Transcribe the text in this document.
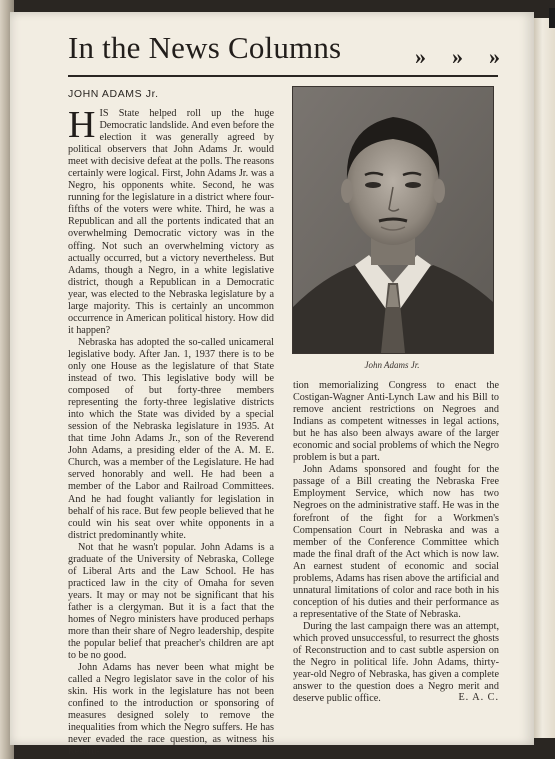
In the News Columns	» » »
JOHN ADAMS Jr.

HIS State helped roll up the huge Democratic landslide. And even before the election it was generally agreed by political observers that John Adams Jr. would meet with decisive defeat at the polls. The reasons certainly were logical. First, John Adams Jr. was a Negro, his opponents white. Second, he was running for the legislature in a district where four-fifths of the voters were white. Third, he was a Republican and all the portents indicated that an overwhelming Democratic victory was in the offing. Not such an overwhelming victory as actually occurred, but a victory nevertheless. But Adams, though a Negro, in a white legislative district, though a Republican in a Democratic year, was elected to the Nebraska legislature by a large majority. This is certainly an uncommon occurrence in American political history. How did it happen?

Nebraska has adopted the so-called unicameral legislative body. After Jan. 1, 1937 there is to be only one House as the legislature of that State instead of two. This legislative body will be composed of but forty-three members representing the forty-three legislative districts into which the State was divided by a special session of the Nebraska legislature in 1935. At that time John Adams Jr., son of the Reverend John Adams, a presiding elder of the A. M. E. Church, was a member of the Legislature. He had served honorably and well. He had been a member of the Labor and Railroad Committees. And he had fought valiantly for legislation in behalf of his race. But few people believed that he could win his seat over white opponents in a district predominantly white.

Not that he wasn't popular. John Adams is a graduate of the University of Nebraska, College of Liberal Arts and the Law School. He has practiced law in the city of Omaha for seven years. It may or may not be significant that his father is a clergyman. But it is a fact that the homes of Negro ministers have produced perhaps more than their share of Negro leadership, despite the popular belief that preacher's children are apt to be no good.

John Adams has never been what might be called a Negro legislator save in the color of his skin. His work in the legislature has not been confined to the introduction or sponsoring of measures designed solely to remove the inequalities from which the Negro suffers. He has never evaded the race question, as witness his Resolu-

John Adams Jr.

tion memorializing Congress to enact the Costigan-Wagner Anti-Lynch Law and his Bill to remove ancient restrictions on Negroes and Indians as competent witnesses in legal actions, but he has also been always aware of the larger economic and social problems of which the Negro problem is but a part.

John Adams sponsored and fought for the passage of a Bill creating the Nebraska Free Employment Service, which now has two Negroes on the administrative staff. He was in the forefront of the fight for a Workmen's Compensation Court in Nebraska and was a member of the Conference Committee which made the final draft of the Act which is now law. An earnest student of economic and social problems, Adams has risen above the artificial and unnatural limitations of color and race both in his conception of his duties and their performance as a representative of the State of Nebraska.

During the last campaign there was an attempt, which proved unsuccessful, to resurrect the ghosts of Reconstruction and to cast subtle aspersion on the Negro in political life. John Adams, thirty-year-old Negro of Nebraska, has given a complete answer to the question does a Negro merit and deserve public office.	E. A. C.
